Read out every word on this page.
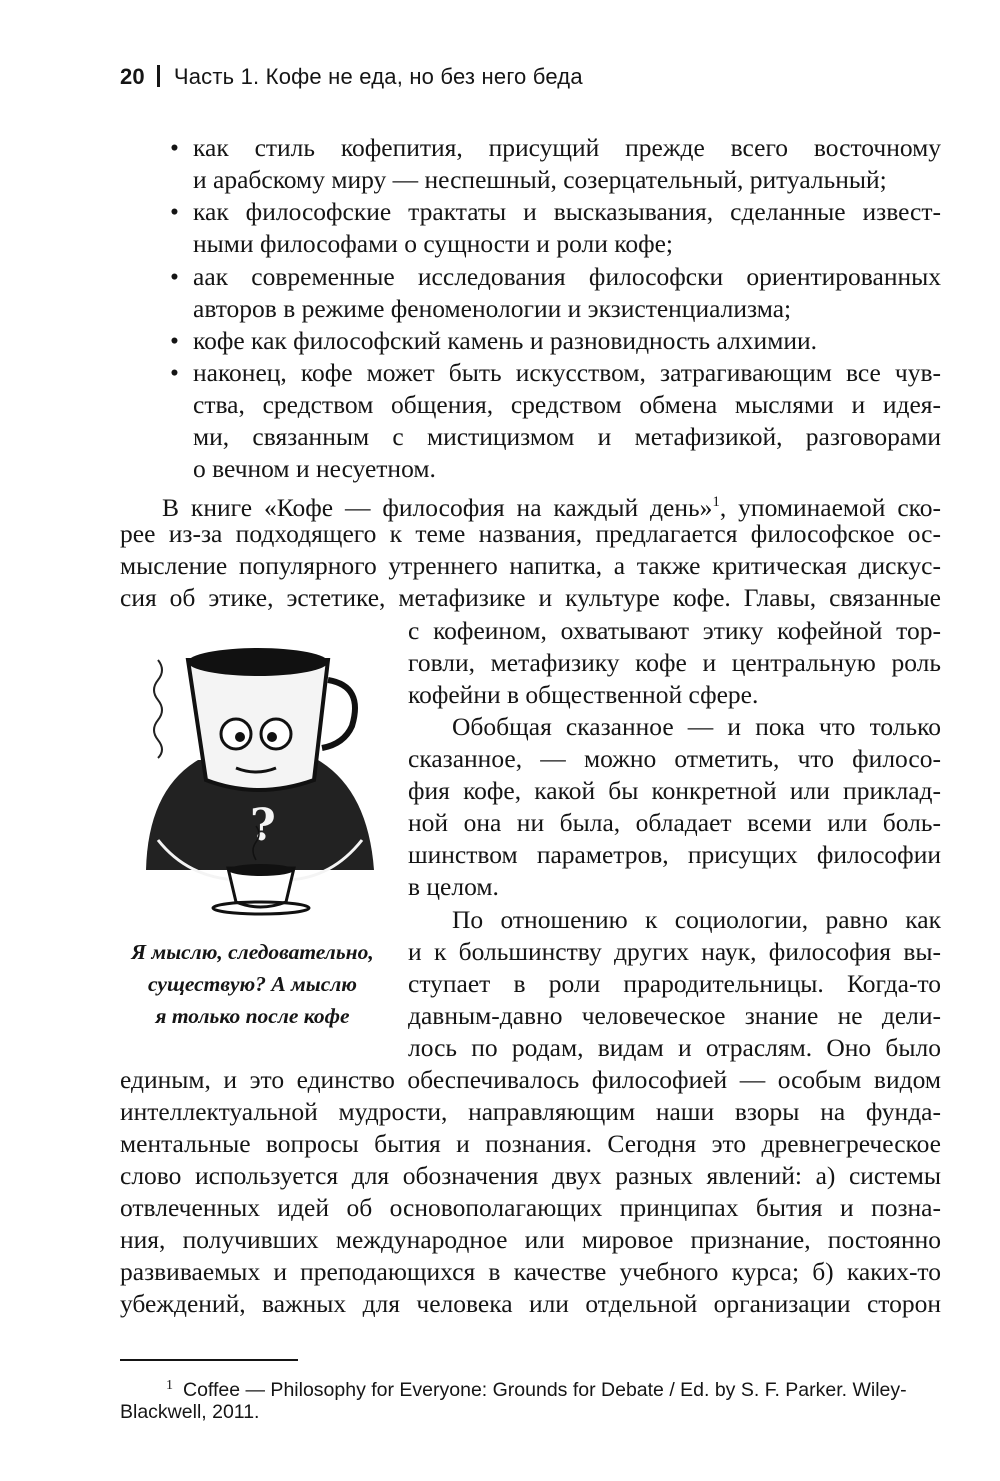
20 Часть 1. Кофе не еда, но без него беда
• как стиль кофепития, присущий прежде всего восточному
и арабскому миру — неспешный, созерцательный, ритуальный;
• как философские трактаты и высказывания, сделанные извест-
ными философами о сущности и роли кофе;
• аак современные исследования философски ориентированных
авторов в режиме феноменологии и экзистенциализма;
• кофе как философский камень и разновидность алхимии.
• наконец, кофе может быть искусством, затрагивающим все чув-
ства, средством общения, средством обмена мыслями и идея-
ми, связанным с мистицизмом и метафизикой, разговорами
о вечном и несуетном.
В книге «Кофе — философия на каждый день»$^1$, упоминаемой ско-
рее из-за подходящего к теме названия, предлагается философское ос-
мысление популярного утреннего напитка, а также критическая дискус-
сия об этике, эстетике, метафизике и культуре кофе. Главы, связанные
с кофеином, охватывают этику кофейной тор-
говли, метафизику кофе и центральную роль
кофейни в общественной сфере.
Обобщая сказанное — и пока что только
сказанное, — можно отметить, что филосо-
фия кофе, какой бы конкретной или приклад-
ной она ни была, обладает всеми или боль-
шинством параметров, присущих философии
в целом.
По отношению к социологии, равно как
и к большинству других наук, философия вы-
ступает в роли прародительницы. Когда-то
давным-давно человеческое знание не дели-
лось по родам, видам и отраслям. Оно было
единым, и это единство обеспечивалось философией — особым видом
интеллектуальной мудрости, направляющим наши взоры на фунда-
ментальные вопросы бытия и познания. Сегодня это древнегреческое
слово используется для обозначения двух разных явлений: а) системы
отвлеченных идей об основополагающих принципах бытия и позна-
ния, получивших международное или мировое признание, постоянно
развиваемых и преподающихся в качестве учебного курса; б) каких-то
убеждений, важных для человека или отдельной организации сторон
?
Я мыслю, следовательно,
существую? А мыслю
я только после кофе
$^1$ Coffee — Philosophy for Everyone: Grounds for Debate / Ed. by S. F. Parker. Wiley-
Blackwell, 2011.
